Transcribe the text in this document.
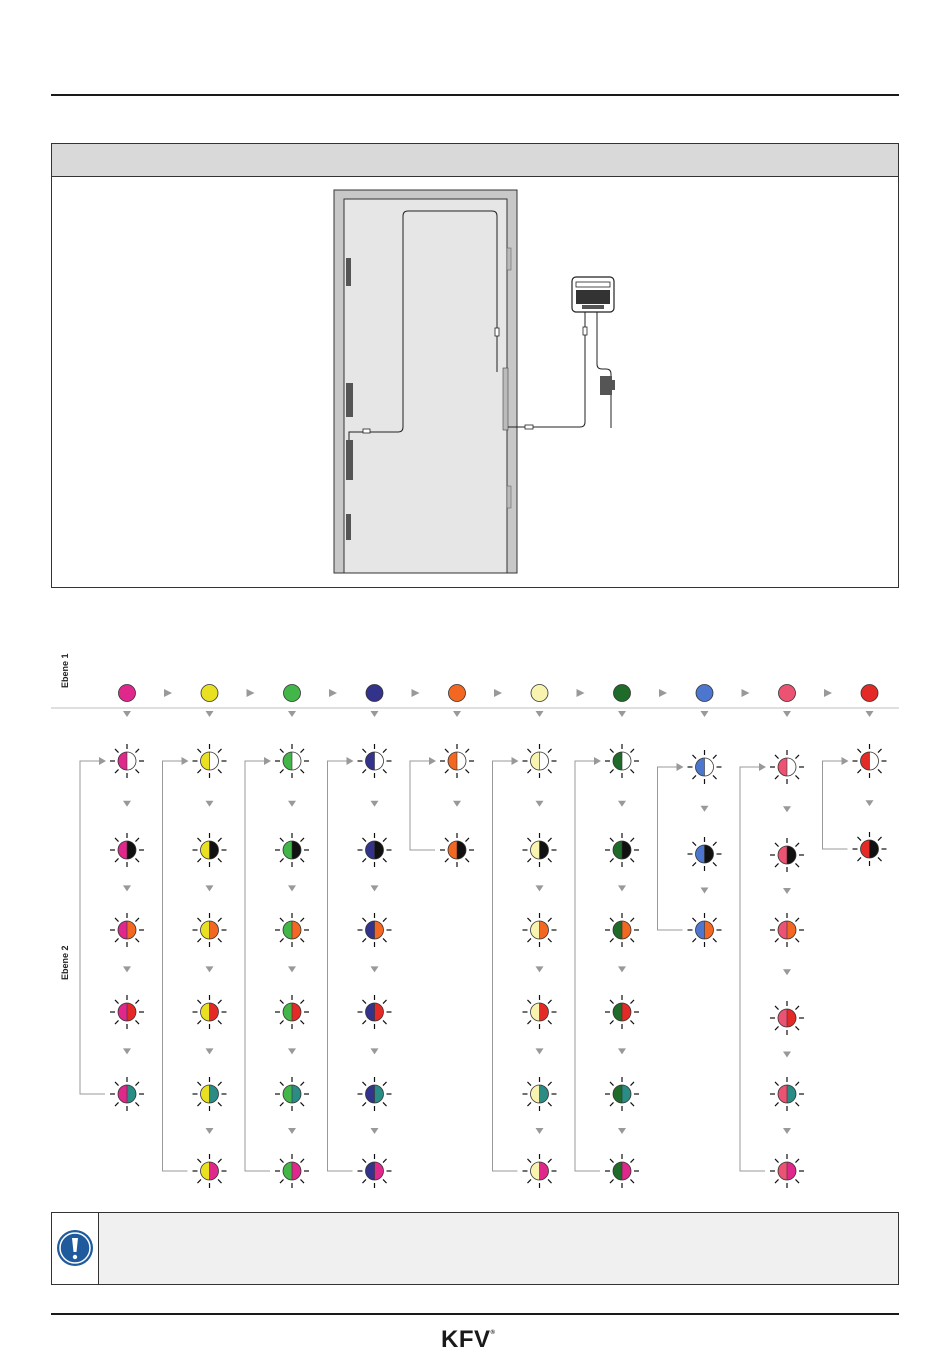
Ebene 1
Ebene 2
KFV®
